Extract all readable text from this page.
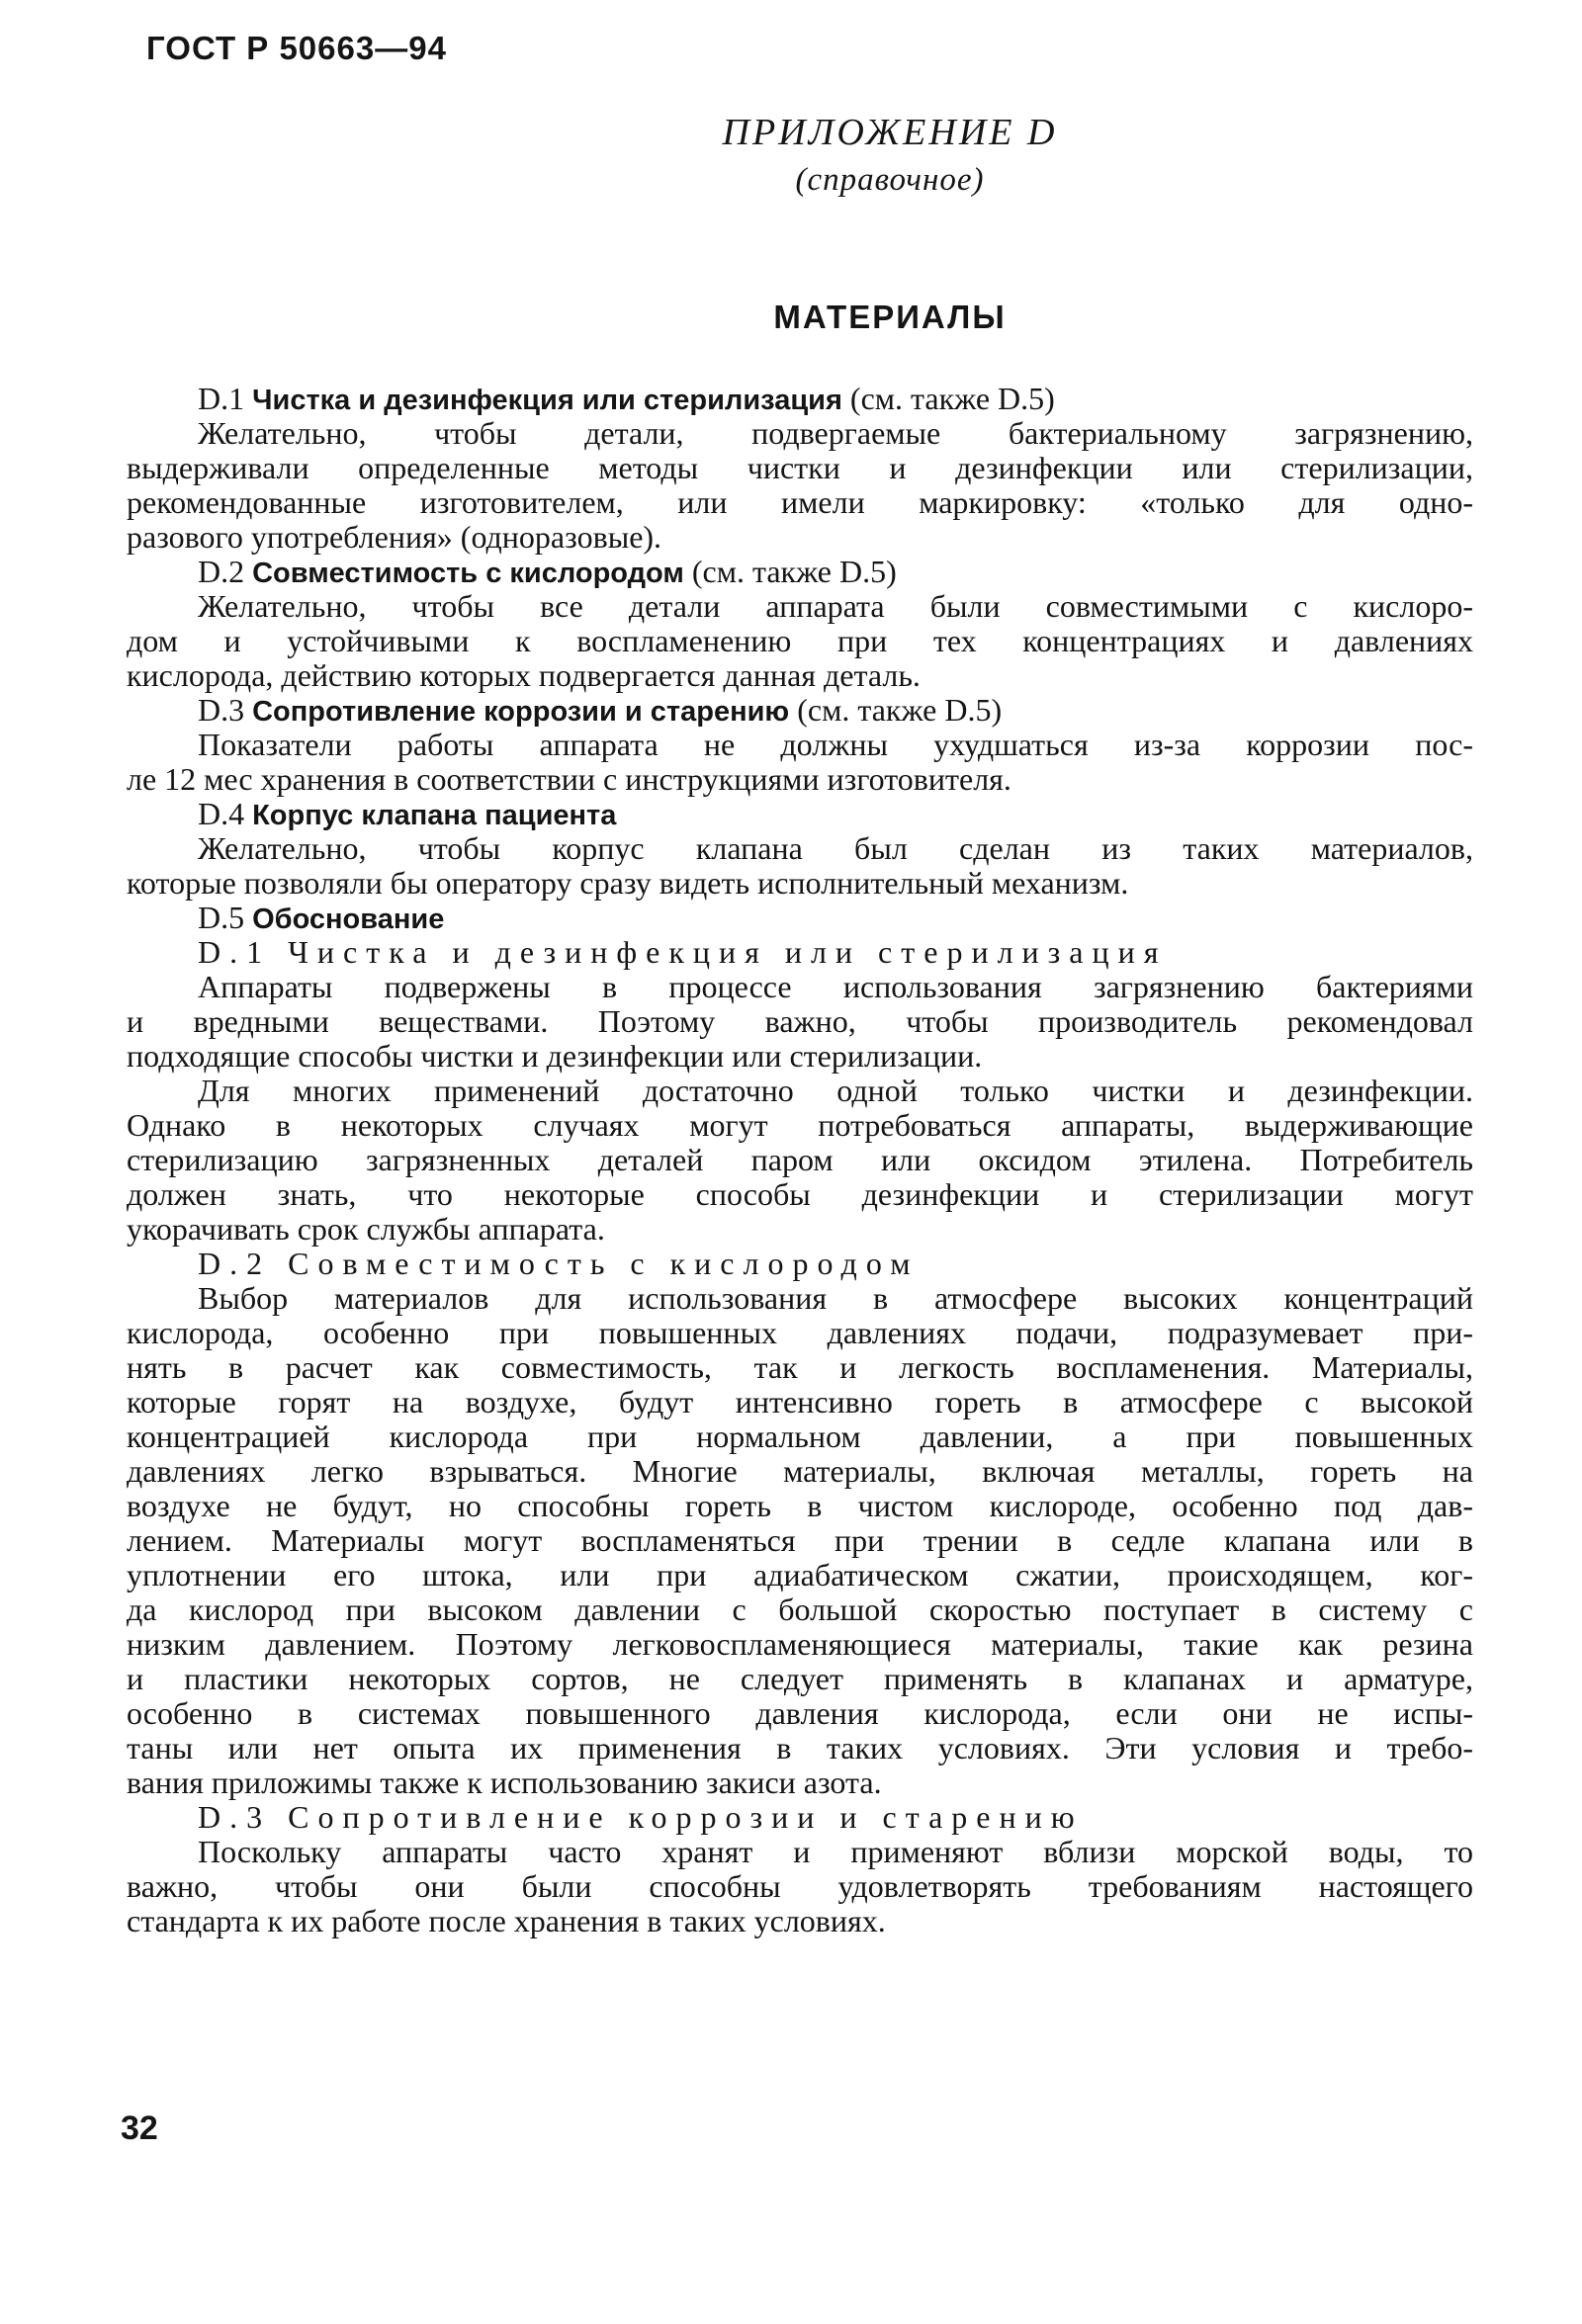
ГОСТ Р 50663—94
ПРИЛОЖЕНИЕ D
(справочное)
МАТЕРИАЛЫ
D.1 Чистка и дезинфекция или стерилизация (см. также D.5)
Желательно, чтобы детали, подвергаемые бактериальному загрязнению,
выдерживали определенные методы чистки и дезинфекции или стерилизации,
рекомендованные изготовителем, или имели маркировку: «только для одно-
разового употребления» (одноразовые).
D.2 Совместимость с кислородом (см. также D.5)
Желательно, чтобы все детали аппарата были совместимыми с кислоро-
дом и устойчивыми к воспламенению при тех концентрациях и давлениях
кислорода, действию которых подвергается данная деталь.
D.3 Сопротивление коррозии и старению (см. также D.5)
Показатели работы аппарата не должны ухудшаться из-за коррозии пос-
ле 12 мес хранения в соответствии с инструкциями изготовителя.
D.4 Корпус клапана пациента
Желательно, чтобы корпус клапана был сделан из таких материалов,
которые позволяли бы оператору сразу видеть исполнительный механизм.
D.5 Обоснование
D.1 Чистка и дезинфекция или стерилизация
Аппараты подвержены в процессе использования загрязнению бактериями
и вредными веществами. Поэтому важно, чтобы производитель рекомендовал
подходящие способы чистки и дезинфекции или стерилизации.
Для многих применений достаточно одной только чистки и дезинфекции.
Однако в некоторых случаях могут потребоваться аппараты, выдерживающие
стерилизацию загрязненных деталей паром или оксидом этилена. Потребитель
должен знать, что некоторые способы дезинфекции и стерилизации могут
укорачивать срок службы аппарата.
D.2 Совместимость с кислородом
Выбор материалов для использования в атмосфере высоких концентраций
кислорода, особенно при повышенных давлениях подачи, подразумевает при-
нять в расчет как совместимость, так и легкость воспламенения. Материалы,
которые горят на воздухе, будут интенсивно гореть в атмосфере с высокой
концентрацией кислорода при нормальном давлении, а при повышенных
давлениях легко взрываться. Многие материалы, включая металлы, гореть на
воздухе не будут, но способны гореть в чистом кислороде, особенно под дав-
лением. Материалы могут воспламеняться при трении в седле клапана или в
уплотнении его штока, или при адиабатическом сжатии, происходящем, ког-
да кислород при высоком давлении с большой скоростью поступает в систему с
низким давлением. Поэтому легковоспламеняющиеся материалы, такие как резина
и пластики некоторых сортов, не следует применять в клапанах и арматуре,
особенно в системах повышенного давления кислорода, если они не испы-
таны или нет опыта их применения в таких условиях. Эти условия и требо-
вания приложимы также к использованию закиси азота.
D.3 Сопротивление коррозии и старению
Поскольку аппараты часто хранят и применяют вблизи морской воды, то
важно, чтобы они были способны удовлетворять требованиям настоящего
стандарта к их работе после хранения в таких условиях.
32
